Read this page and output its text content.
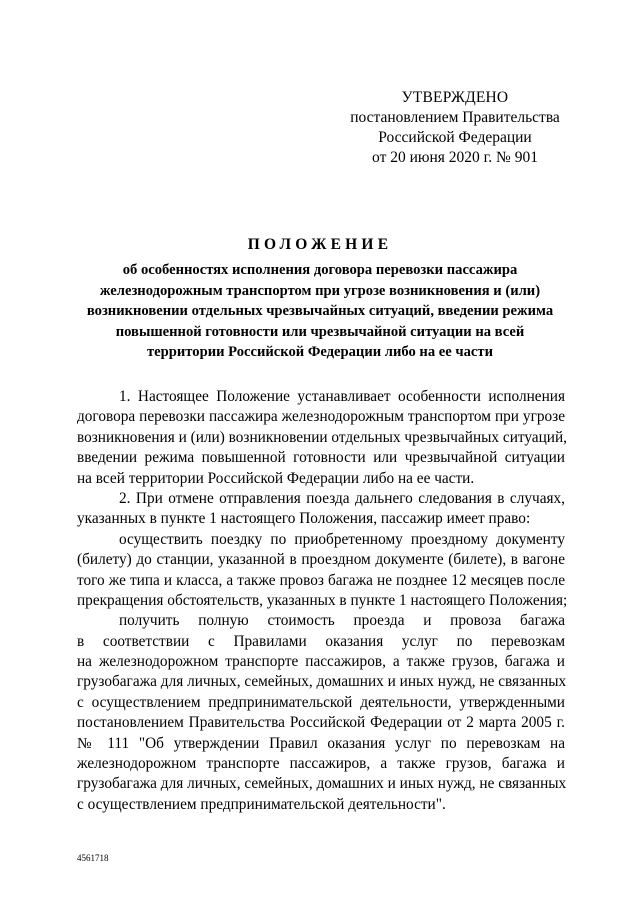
УТВЕРЖДЕНО
постановлением Правительства
Российской Федерации
от 20 июня 2020 г. № 901
ПОЛОЖЕНИЕ
об особенностях исполнения договора перевозки пассажира
железнодорожным транспортом при угрозе возникновения и (или)
возникновении отдельных чрезвычайных ситуаций, введении режима
повышенной готовности или чрезвычайной ситуации на всей
территории Российской Федерации либо на ее части
1. Настоящее Положение устанавливает особенности исполнения
договора перевозки пассажира железнодорожным транспортом при угрозе
возникновения и (или) возникновении отдельных чрезвычайных ситуаций,
введении режима повышенной готовности или чрезвычайной ситуации
на всей территории Российской Федерации либо на ее части.
2. При отмене отправления поезда дальнего следования в случаях,
указанных в пункте 1 настоящего Положения, пассажир имеет право:
осуществить поездку по приобретенному проездному документу
(билету) до станции, указанной в проездном документе (билете), в вагоне
того же типа и класса, а также провоз багажа не позднее 12 месяцев после
прекращения обстоятельств, указанных в пункте 1 настоящего Положения;
получить полную стоимость проезда и провоза багажа
в соответствии с Правилами оказания услуг по перевозкам
на железнодорожном транспорте пассажиров, а также грузов, багажа и
грузобагажа для личных, семейных, домашних и иных нужд, не связанных
с осуществлением предпринимательской деятельности, утвержденными
постановлением Правительства Российской Федерации от 2 марта 2005 г.
№ 111 "Об утверждении Правил оказания услуг по перевозкам на
железнодорожном транспорте пассажиров, а также грузов, багажа и
грузобагажа для личных, семейных, домашних и иных нужд, не связанных
с осуществлением предпринимательской деятельности".
4561718
